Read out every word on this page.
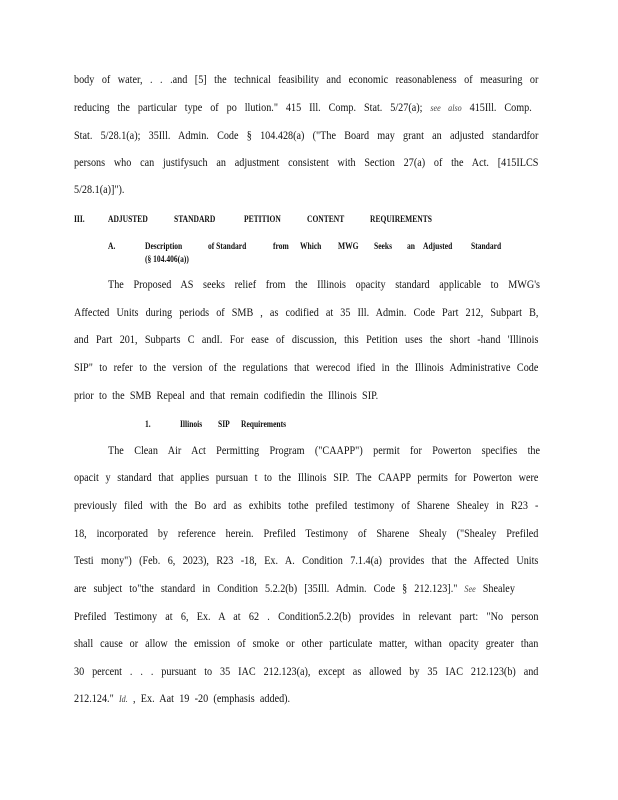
body of water, . . .and [5] the technical feasibility and economic reasonableness of measuring or
reducing the particular type of po llution." 415 Ill. Comp. Stat. 5/27(a); see also 415Ill. Comp.
Stat. 5/28.1(a); 35Ill. Admin. Code § 104.428(a) ("The Board may grant an adjusted standardfor
persons who can justifysuch an adjustment consistent with Section 27(a) of the Act. [415ILCS
5/28.1(a)]").
III.	ADJUSTED	STANDARD	PETITION	CONTENT	REQUIREMENTS
A.	Description	of Standard	from Which MWG Seeks an Adjusted Standard
(§ 104.406(a))
The Proposed AS seeks relief from the Illinois opacity standard applicable to MWG's
Affected Units during periods of SMB , as codified at 35 Ill. Admin. Code Part 212, Subpart B,
and Part 201, Subparts C andI. For ease of discussion, this Petition uses the short -hand 'Illinois
SIP" to refer to the version of the regulations that werecod ified in the Illinois Administrative Code
prior to the SMB Repeal and that remain codifiedin the Illinois SIP.
1.	Illinois SIP Requirements
The Clean Air Act Permitting Program ("CAAPP") permit for Powerton specifies the
opacit y standard that applies pursuan t to the Illinois SIP. The CAAPP permits for Powerton were
previously filed with the Bo ard as exhibits tothe prefiled testimony of Sharene Shealey in R23 -
18, incorporated by reference herein. Prefiled Testimony of Sharene Shealy ("Shealey Prefiled
Testi mony") (Feb. 6, 2023), R23 -18, Ex. A. Condition 7.1.4(a) provides that the Affected Units
are subject to"the standard in Condition 5.2.2(b) [35Ill. Admin. Code § 212.123]." See Shealey
Prefiled Testimony at 6, Ex. A at 62 . Condition5.2.2(b) provides in relevant part: "No person
shall cause or allow the emission of smoke or other particulate matter, withan opacity greater than
30 percent . . . pursuant to 35 IAC 212.123(a), except as allowed by 35 IAC 212.123(b) and
212.124." Id. , Ex. Aat 19 -20 (emphasis added).
